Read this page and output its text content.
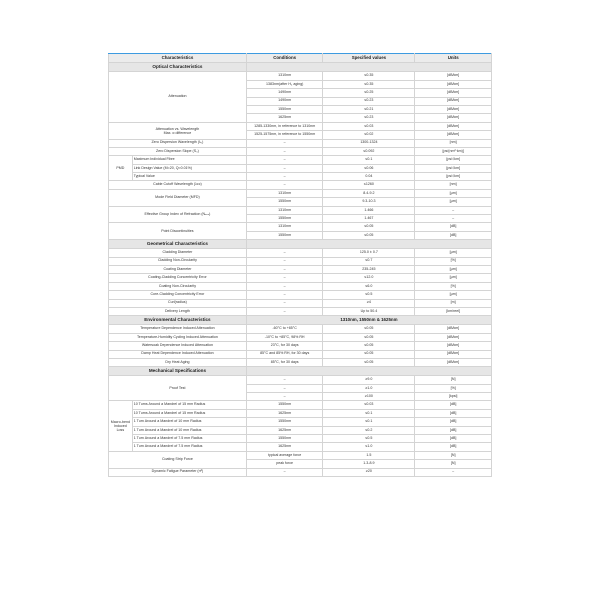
Characteristics		Conditions	Specified values	Units
Optical Characteristics				
Attenuation		1310nm	≤0.35	[dB/km]
		1383nm(after H₂ aging)	≤0.35	[dB/km]
		1490nm	≤0.25	[dB/km]
		1490nm	≤0.23	[dB/km]
		1550nm	≤0.21	[dB/km]
		1625nm	≤0.23	[dB/km]
Attenuation vs. Wavelength
Max. α difference		1285-1330nm, in reference to 1310nm	≤0.03	[dB/km]
		1525-1575nm, in reference to 1550nm	≤0.02	[dB/km]
Zero Dispersion Wavelength (λ₀)		–	1300-1324	[nm]
Zero Dispersion Slope (S₀)		–	≤0.092	[ps/(nm²·km)]
PMD	Maximum Individual Fibre	–	≤0.1	[ps/√km]
	Link Design Value (M=20, Q=0.01%)	–	≤0.06	[ps/√km]
	Typical Value	–	0.04	[ps/√km]
Cable Cutoff Wavelength (λᴄᴄ)		–	≤1260	[nm]
Mode Field Diameter (MFD)		1310nm	8.4-9.2	[µm]
		1550nm	9.3-10.3	[µm]
Effective Group Index of Refraction (Nₑₒₒ)		1310nm	1.466	–
		1550nm	1.467	–
Point Discontinuities		1310nm	≤0.05	[dB]
		1550nm	≤0.05	[dB]
Geometrical Characteristics				
Cladding Diameter		–	125.0 ± 0.7	[µm]
Cladding Non-Circularity		–	≤0.7	[%]
Coating Diameter		–	235-245	[µm]
Coating-Cladding Concentricity Error		–	≤12.0	[µm]
Coating Non-Circularity		–	≤6.0	[%]
Core-Cladding Concentricity Error		–	≤0.5	[µm]
Curl(radius)		–	≥4	[m]
Delivery Length		–	Up to 50.4	[km/reel]
Environmental Characteristics		1310nm, 1550nm & 1625nm		
Temperature Dependence Induced Attenuation		-60°C to +85°C	≤0.05	[dB/km]
Temperature-Humidity Cycling Induced Attenuation		-10°C to +85°C, 98% RH	≤0.05	[dB/km]
Watersoak Dependence Induced Attenuation		23°C, for 30 days	≤0.05	[dB/km]
Damp Heat Dependence Induced Attenuation		85°C and 85% RH, for 30 days	≤0.05	[dB/km]
Dry Heat Aging		85°C, for 30 days	≤0.05	[dB/km]
Mechanical Specifications				
Proof Test		–	≥9.0	[N]
		–	≥1.0	[%]
		–	≥100	[kpsi]
Macro-bend Induced Loss	10 Turns Around a Mandrel of 15 mm Radius	1550nm	≤0.03	[dB]
	10 Turns Around a Mandrel of 15 mm Radius	1625nm	≤0.1	[dB]
	1 Turn Around a Mandrel of 10 mm Radius	1550nm	≤0.1	[dB]
	1 Turn Around a Mandrel of 10 mm Radius	1625nm	≤0.2	[dB]
	1 Turn Around a Mandrel of 7.5 mm Radius	1550nm	≤0.5	[dB]
	1 Turn Around a Mandrel of 7.5 mm Radius	1625nm	≤1.0	[dB]
Coating Strip Force		typical average force	1.5	[N]
		peak force	1.3-8.9	[N]
Dynamic Fatigue Parameter (nᵈ)		–	≥20	–
